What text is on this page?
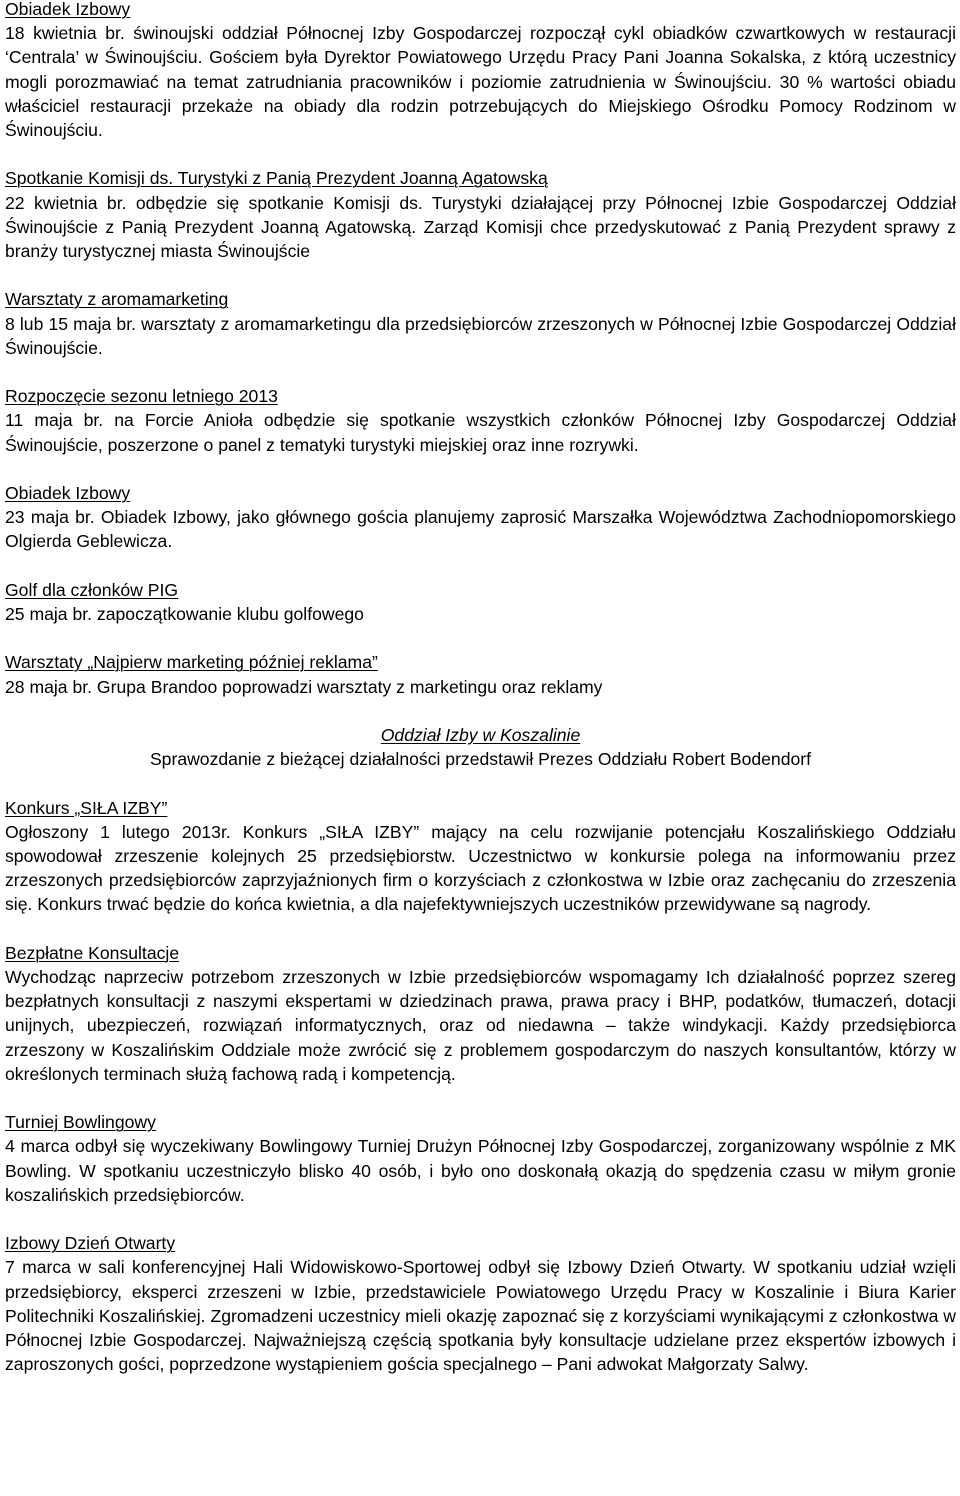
Obiadek Izbowy
18 kwietnia br. świnoujski oddział Północnej Izby Gospodarczej rozpoczął cykl obiadków czwartkowych w restauracji ‘Centrala’ w Świnoujściu. Gościem była Dyrektor Powiatowego Urzędu Pracy Pani Joanna Sokalska, z którą uczestnicy mogli porozmawiać na temat zatrudniania pracowników i poziomie zatrudnienia w Świnoujściu. 30 % wartości obiadu właściciel restauracji przekaże na obiady dla rodzin potrzebujących do Miejskiego Ośrodku Pomocy Rodzinom w Świnoujściu.
Spotkanie Komisji ds. Turystyki z Panią Prezydent Joanną Agatowską
22 kwietnia br. odbędzie się spotkanie Komisji ds. Turystyki działającej przy Północnej Izbie Gospodarczej Oddział Świnoujście z Panią Prezydent Joanną Agatowską. Zarząd Komisji chce przedyskutować z Panią Prezydent sprawy z branży turystycznej miasta Świnoujście
Warsztaty z aromamarketing
8 lub 15 maja br. warsztaty z aromamarketingu dla przedsiębiorców zrzeszonych w Północnej Izbie Gospodarczej Oddział Świnoujście.
Rozpoczęcie sezonu letniego 2013
11 maja br. na Forcie Anioła odbędzie się spotkanie wszystkich członków Północnej Izby Gospodarczej Oddział Świnoujście, poszerzone o panel z tematyki turystyki miejskiej oraz inne rozrywki.
Obiadek Izbowy
23 maja br. Obiadek Izbowy, jako głównego gościa planujemy zaprosić Marszałka Województwa Zachodniopomorskiego Olgierda Geblewicza.
Golf dla członków PIG
25 maja br. zapoczątkowanie klubu golfowego
Warsztaty „Najpierw marketing później reklama”
28 maja br. Grupa Brandoo poprowadzi warsztaty z marketingu oraz reklamy
Oddział Izby w Koszalinie
Sprawozdanie z bieżącej działalności przedstawił Prezes Oddziału Robert Bodendorf
Konkurs „SIŁA IZBY”
Ogłoszony 1 lutego 2013r. Konkurs „SIŁA IZBY” mający na celu rozwijanie potencjału Koszalińskiego Oddziału spowodował zrzeszenie kolejnych 25 przedsiębiorstw. Uczestnictwo w konkursie polega na informowaniu przez zrzeszonych przedsiębiorców zaprzyjaźnionych firm o korzyściach z członkostwa w Izbie oraz zachęcaniu do zrzeszenia się. Konkurs trwać będzie do końca kwietnia, a dla najefektywniejszych uczestników przewidywane są nagrody.
Bezpłatne Konsultacje
Wychodząc naprzeciw potrzebom zrzeszonych w Izbie przedsiębiorców wspomagamy Ich działalność poprzez szereg bezpłatnych konsultacji z naszymi ekspertami w dziedzinach prawa, prawa pracy i BHP, podatków, tłumaczeń, dotacji unijnych, ubezpieczeń, rozwiązań informatycznych, oraz od niedawna – także windykacji. Każdy przedsiębiorca zrzeszony w Koszalińskim Oddziale może zwrócić się z problemem gospodarczym do naszych konsultantów, którzy w określonych terminach służą fachową radą i kompetencją.
Turniej Bowlingowy
4 marca odbył się wyczekiwany Bowlingowy Turniej Drużyn Północnej Izby Gospodarczej, zorganizowany wspólnie z MK Bowling. W spotkaniu uczestniczyło blisko 40 osób, i było ono doskonałą okazją do spędzenia czasu w miłym gronie koszalińskich przedsiębiorców.
Izbowy Dzień Otwarty
7 marca w sali konferencyjnej Hali Widowiskowo-Sportowej odbył się Izbowy Dzień Otwarty. W spotkaniu udział wzięli przedsiębiorcy, eksperci zrzeszeni w Izbie, przedstawiciele Powiatowego Urzędu Pracy w Koszalinie i Biura Karier Politechniki Koszalińskiej. Zgromadzeni uczestnicy mieli okazję zapoznać się z korzyściami wynikającymi z członkostwa w Północnej Izbie Gospodarczej. Najważniejszą częścią spotkania były konsultacje udzielane przez ekspertów izbowych i zaproszonych gości, poprzedzone wystąpieniem gościa specjalnego – Pani adwokat Małgorzaty Salwy.
